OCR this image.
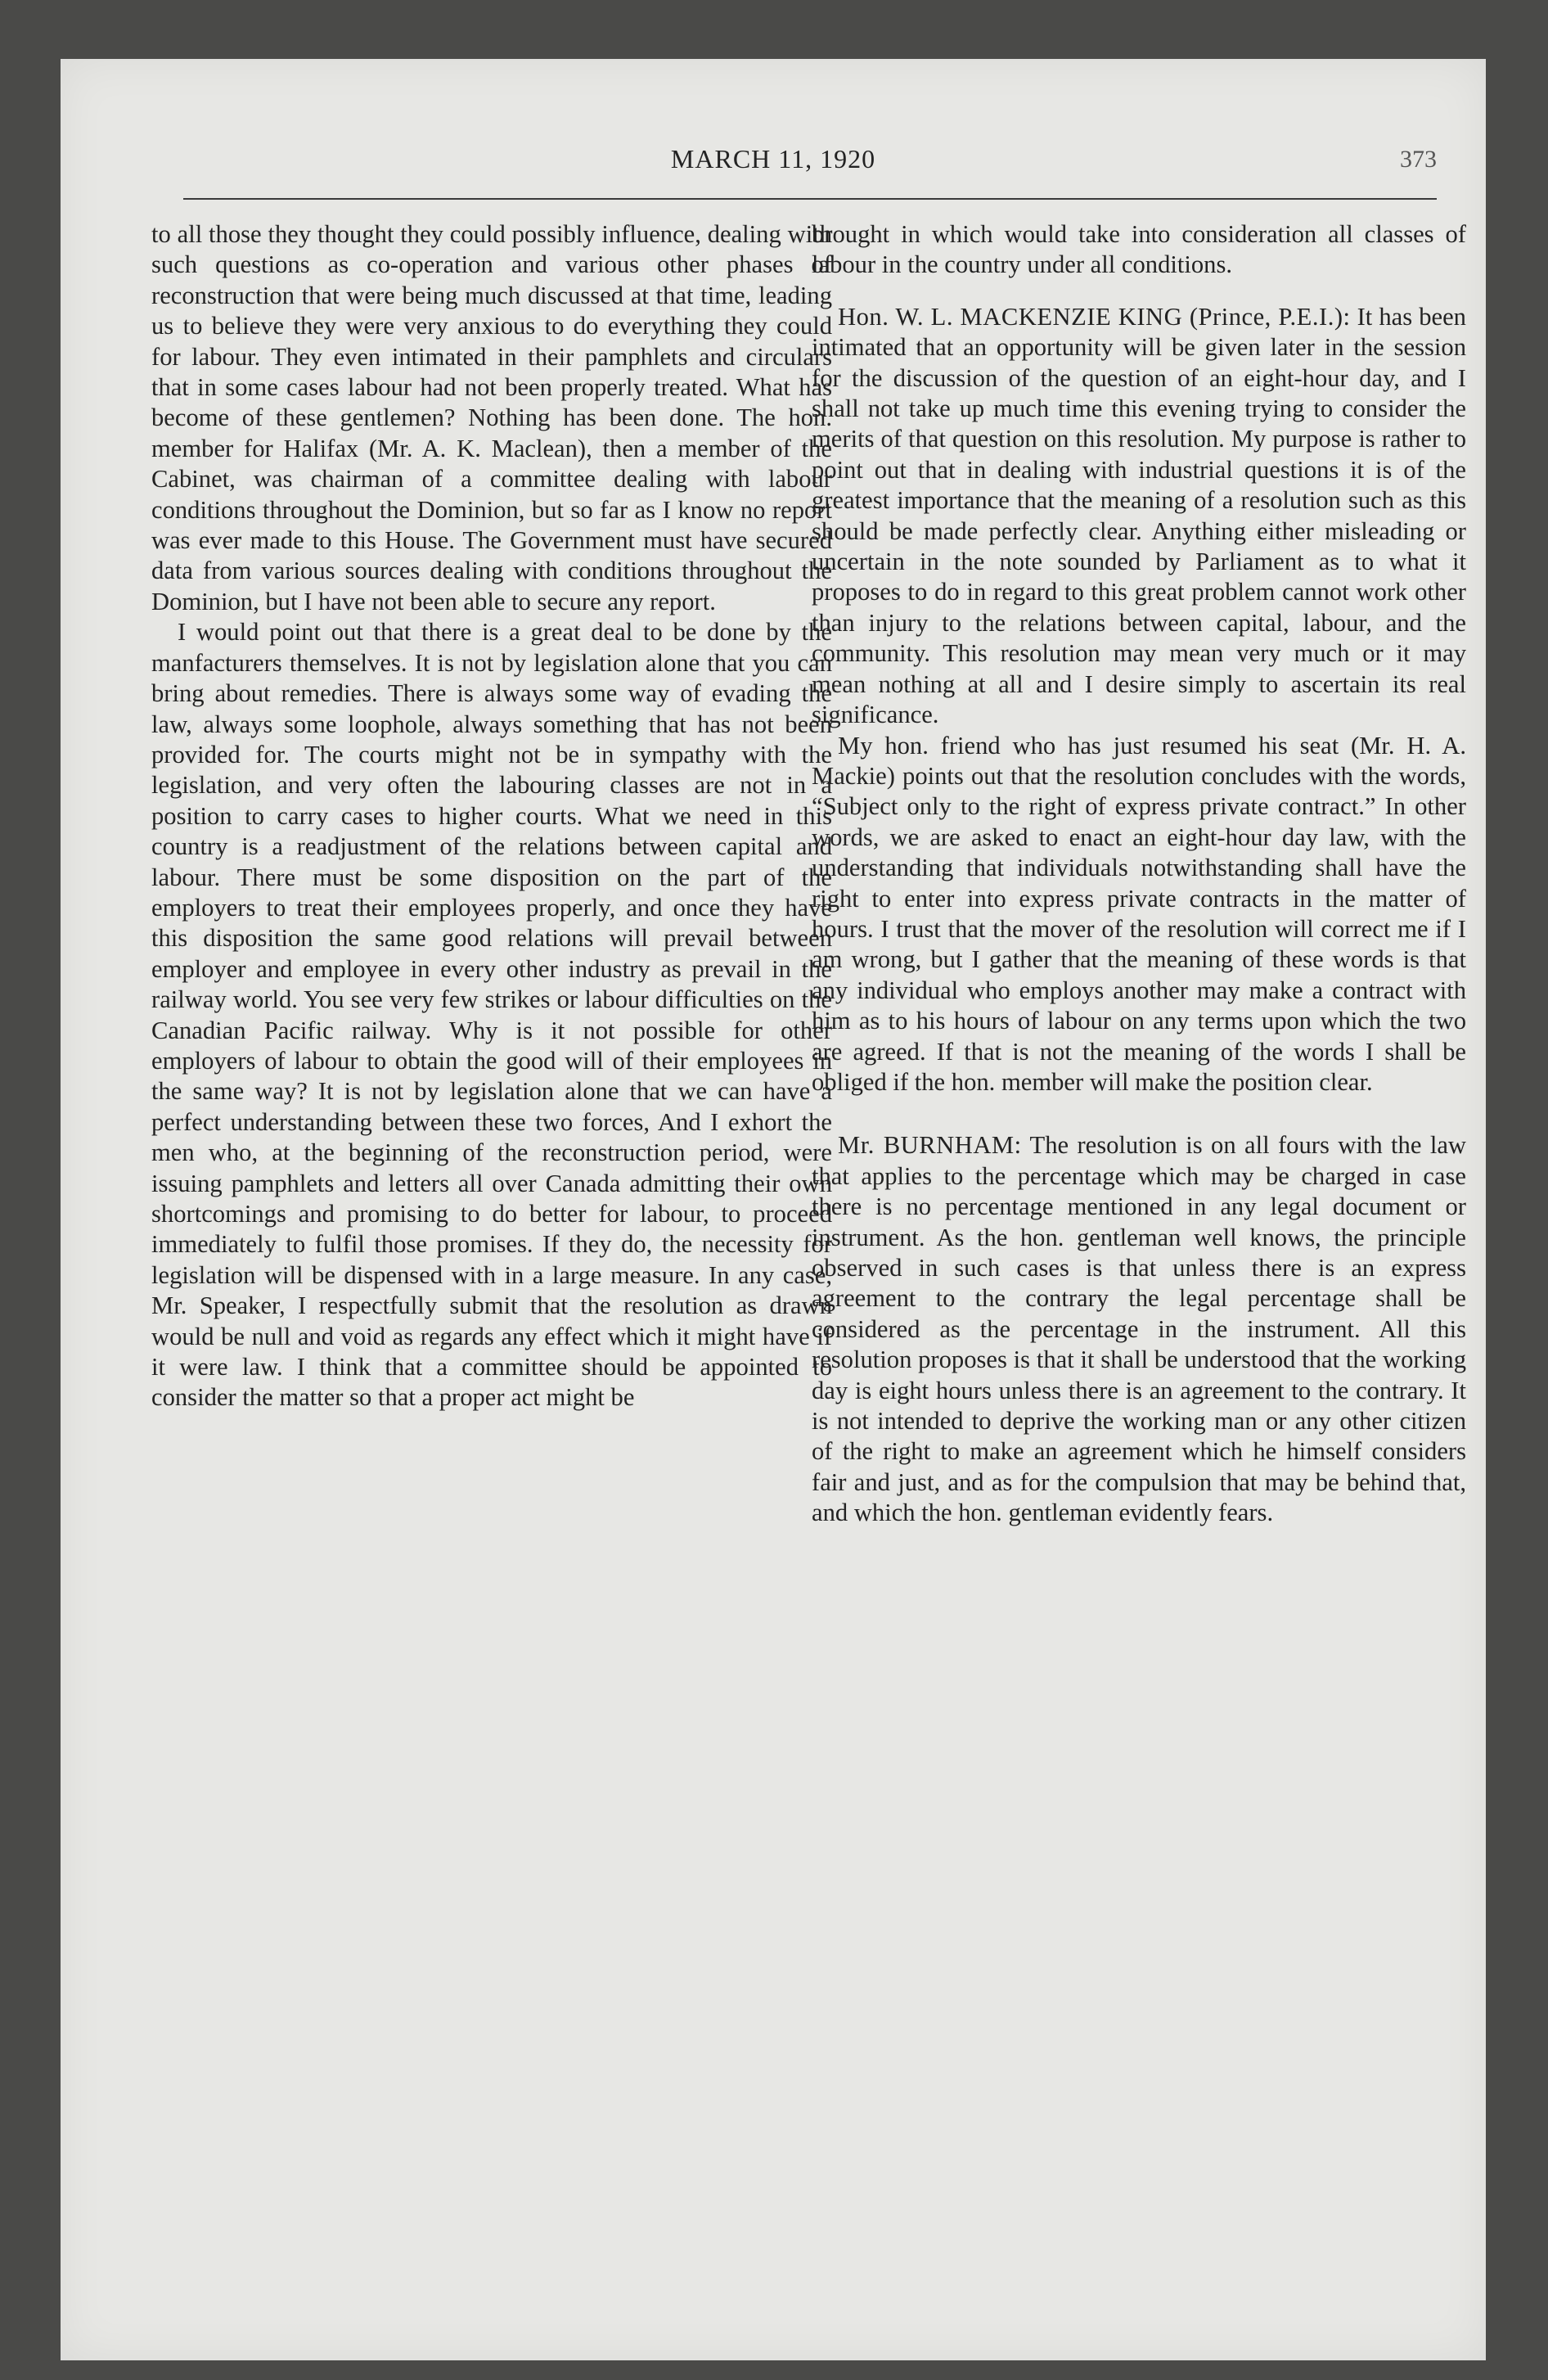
MARCH 11, 1920	373

to all those they thought they could possibly influence, dealing with such questions as co-operation and various other phases of reconstruction that were being much discussed at that time, leading us to believe they were very anxious to do everything they could for labour. They even intimated in their pamphlets and circulars that in some cases labour had not been properly treated. What has become of these gentlemen? Nothing has been done. The hon. member for Halifax (Mr. A. K. Maclean), then a member of the Cabinet, was chairman of a committee dealing with labour conditions throughout the Dominion, but so far as I know no report was ever made to this House. The Government must have secured data from various sources dealing with conditions throughout the Dominion, but I have not been able to secure any report.

I would point out that there is a great deal to be done by the manfacturers themselves. It is not by legislation alone that you can bring about remedies. There is always some way of evading the law, always some loophole, always something that has not been provided for. The courts might not be in sympathy with the legislation, and very often the labouring classes are not in a position to carry cases to higher courts. What we need in this country is a readjustment of the relations between capital and labour. There must be some disposition on the part of the employers to treat their employees properly, and once they have this disposition the same good relations will prevail between employer and employee in every other industry as prevail in the railway world. You see very few strikes or labour difficulties on the Canadian Pacific railway. Why is it not possible for other employers of labour to obtain the good will of their employees in the same way? It is not by legislation alone that we can have a perfect understanding between these two forces, And I exhort the men who, at the beginning of the reconstruction period, were issuing pamphlets and letters all over Canada admitting their own shortcomings and promising to do better for labour, to proceed immediately to fulfil those promises. If they do, the necessity for legislation will be dispensed with in a large measure. In any case, Mr. Speaker, I respectfully submit that the resolution as drawn would be null and void as regards any effect which it might have if it were law. I think that a committee should be appointed to consider the matter so that a proper act might be

brought in which would take into consideration all classes of labour in the country under all conditions.

Hon. W. L. MACKENZIE KING (Prince, P.E.I.): It has been intimated that an opportunity will be given later in the session for the discussion of the question of an eight-hour day, and I shall not take up much time this evening trying to consider the merits of that question on this resolution. My purpose is rather to point out that in dealing with industrial questions it is of the greatest importance that the meaning of a resolution such as this should be made perfectly clear. Anything either misleading or uncertain in the note sounded by Parliament as to what it proposes to do in regard to this great problem cannot work other than injury to the relations between capital, labour, and the community. This resolution may mean very much or it may mean nothing at all and I desire simply to ascertain its real significance.

My hon. friend who has just resumed his seat (Mr. H. A. Mackie) points out that the resolution concludes with the words, “Subject only to the right of express private contract.” In other words, we are asked to enact an eight-hour day law, with the understanding that individuals notwithstanding shall have the right to enter into express private contracts in the matter of hours. I trust that the mover of the resolution will correct me if I am wrong, but I gather that the meaning of these words is that any individual who employs another may make a contract with him as to his hours of labour on any terms upon which the two are agreed. If that is not the meaning of the words I shall be obliged if the hon. member will make the position clear.

Mr. BURNHAM: The resolution is on all fours with the law that applies to the percentage which may be charged in case there is no percentage mentioned in any legal document or instrument. As the hon. gentleman well knows, the principle observed in such cases is that unless there is an express agreement to the contrary the legal percentage shall be considered as the percentage in the instrument. All this resolution proposes is that it shall be understood that the working day is eight hours unless there is an agreement to the contrary. It is not intended to deprive the working man or any other citizen of the right to make an agreement which he himself considers fair and just, and as for the compulsion that may be behind that, and which the hon. gentleman evidently fears.
